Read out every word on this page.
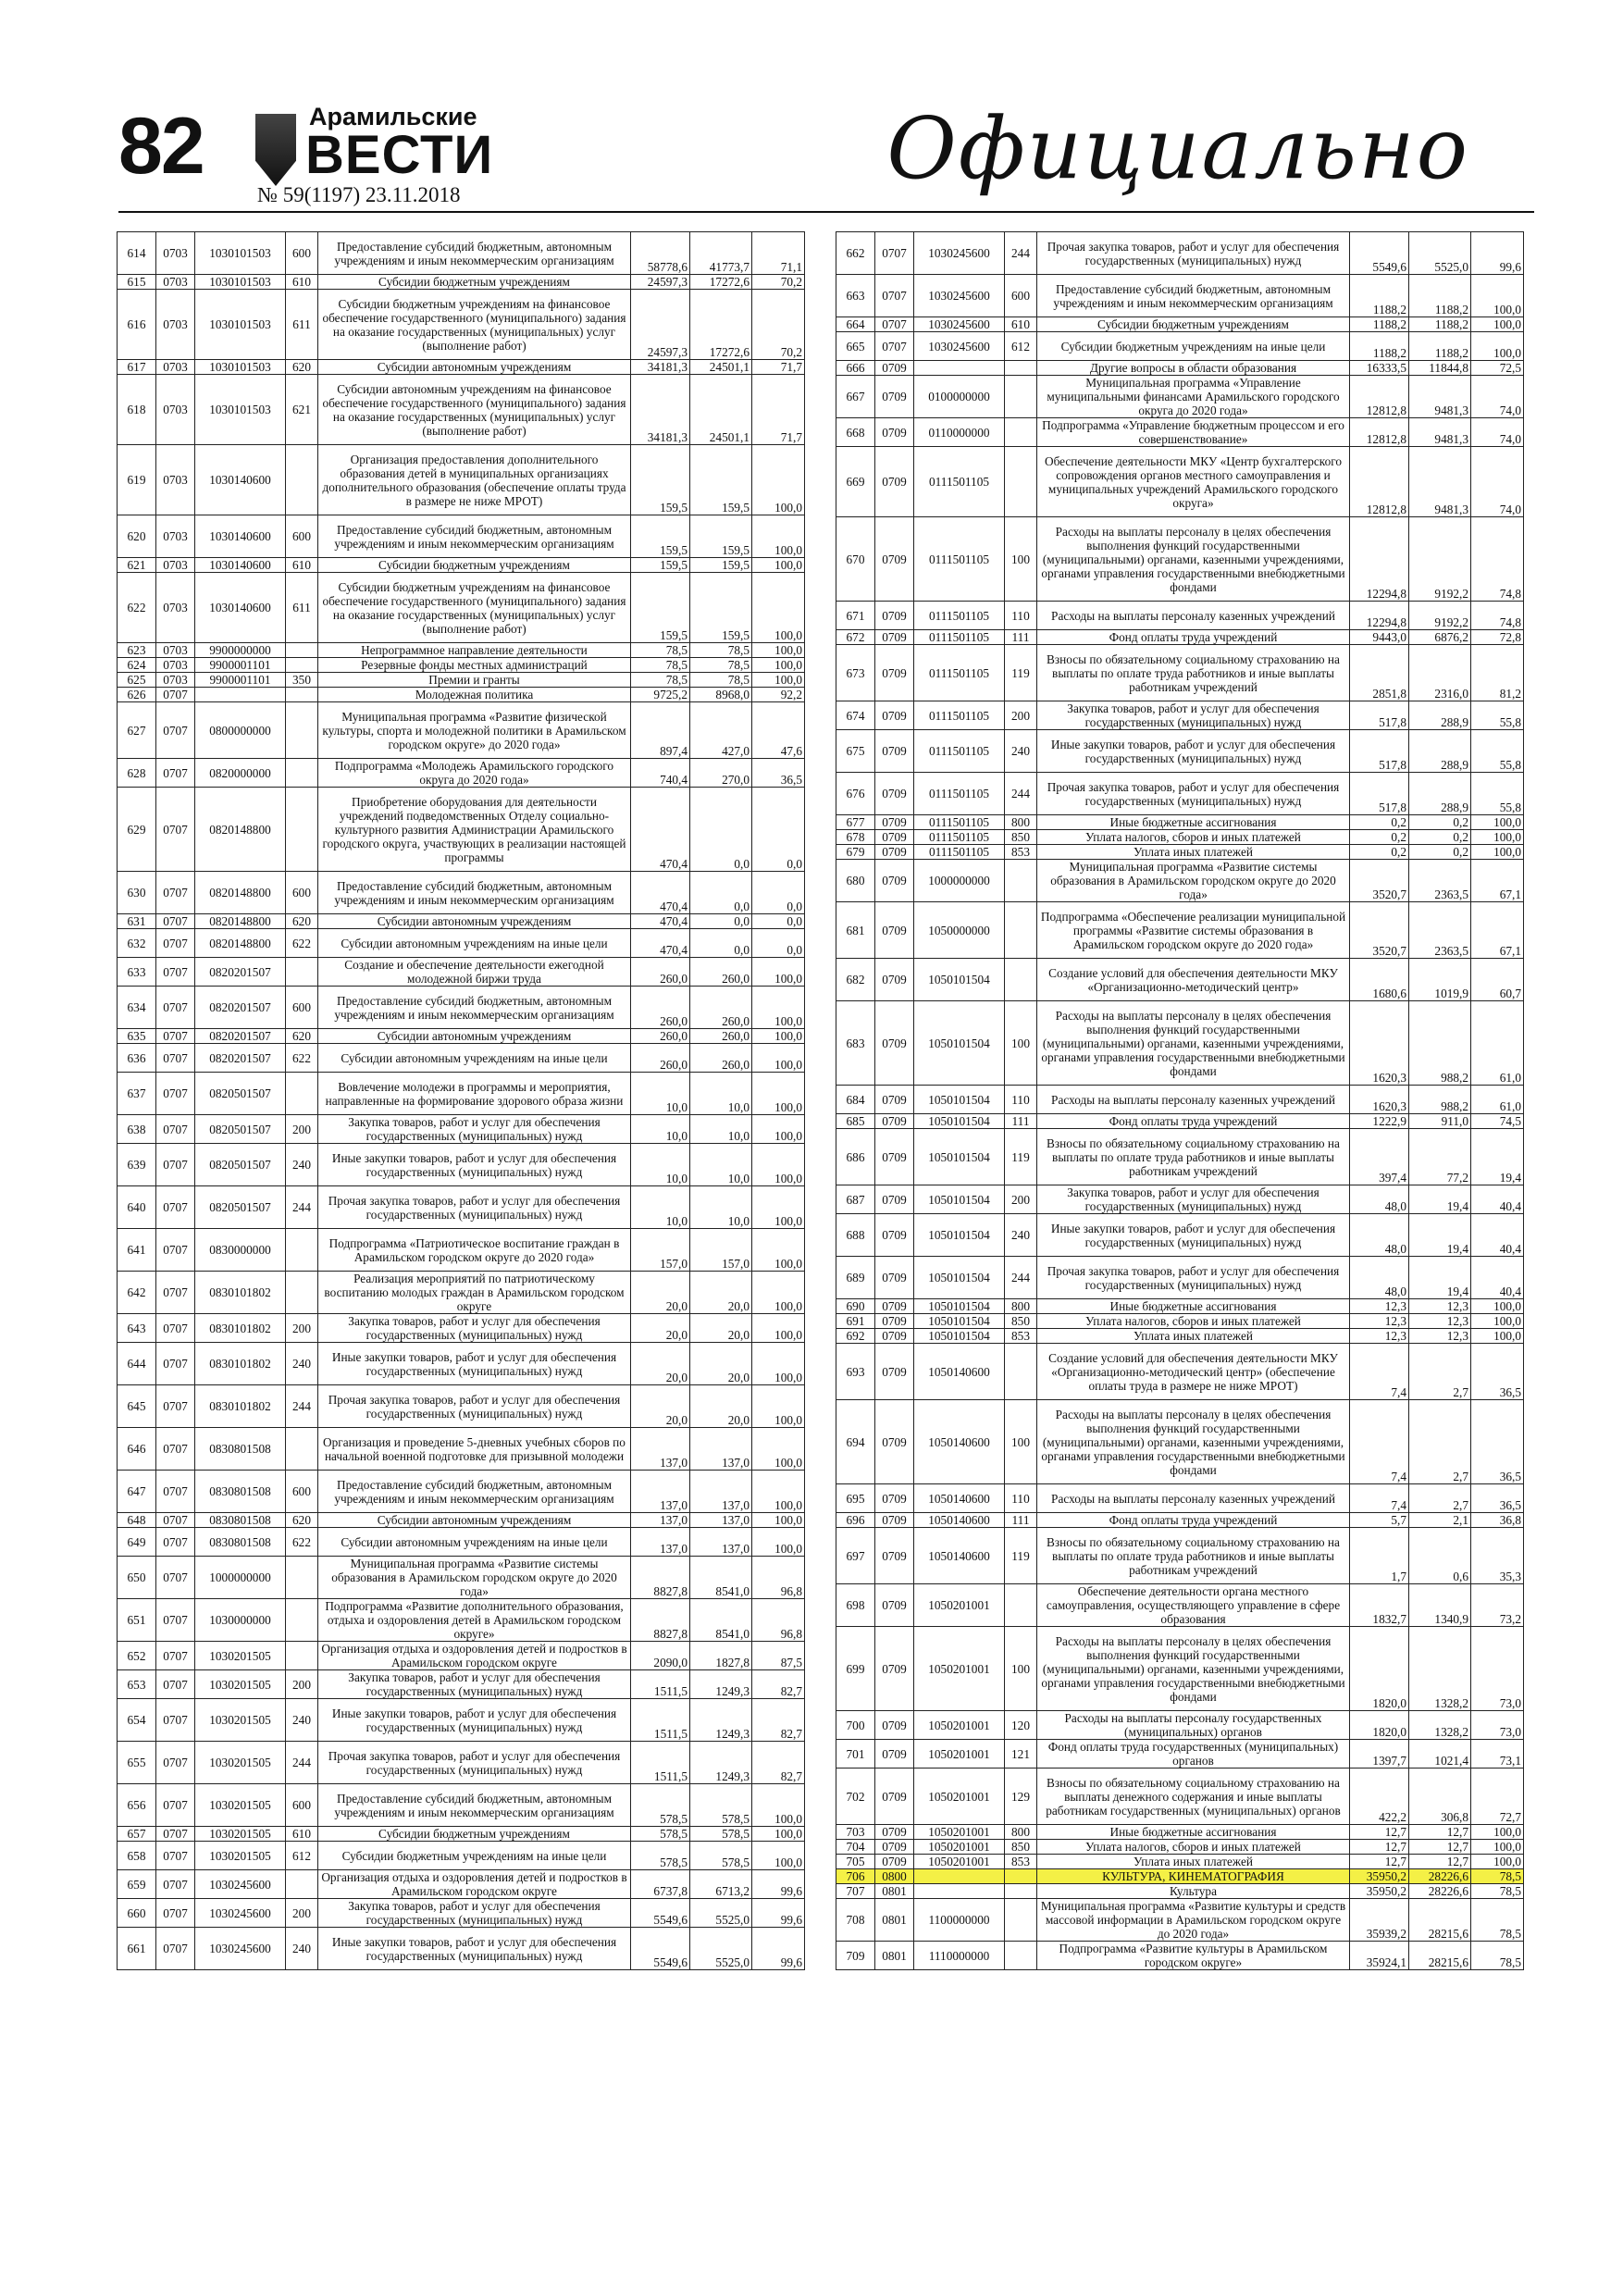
82	Арамильские
ВЕСТИ
№ 59(1197) 23.11.2018	Официально
614	0703	1030101503	600	Предоставление субсидий бюджетным, автономным учреждениям и иным некоммерческим организациям	58778,6	41773,7	71,1
615	0703	1030101503	610	Субсидии бюджетным учреждениям	24597,3	17272,6	70,2
616	0703	1030101503	611	Субсидии бюджетным учреждениям на финансовое обеспечение государственного (муниципального) задания на оказание государственных (муниципальных) услуг (выполнение работ)	24597,3	17272,6	70,2
617	0703	1030101503	620	Субсидии автономным учреждениям	34181,3	24501,1	71,7
618	0703	1030101503	621	Субсидии автономным учреждениям на финансовое обеспечение государственного (муниципального) задания на оказание государственных (муниципальных) услуг (выполнение работ)	34181,3	24501,1	71,7
619	0703	1030140600		Организация предоставления дополнительного образования детей в муниципальных организациях дополнительного образования (обеспечение оплаты труда в размере не ниже МРОТ)	159,5	159,5	100,0
620	0703	1030140600	600	Предоставление субсидий бюджетным, автономным учреждениям и иным некоммерческим организациям	159,5	159,5	100,0
621	0703	1030140600	610	Субсидии бюджетным учреждениям	159,5	159,5	100,0
622	0703	1030140600	611	Субсидии бюджетным учреждениям на финансовое обеспечение государственного (муниципального) задания на оказание государственных (муниципальных) услуг (выполнение работ)	159,5	159,5	100,0
623	0703	9900000000		Непрограммное направление деятельности	78,5	78,5	100,0
624	0703	9900001101		Резервные фонды местных администраций	78,5	78,5	100,0
625	0703	9900001101	350	Премии и гранты	78,5	78,5	100,0
626	0707			Молодежная политика	9725,2	8968,0	92,2
627	0707	0800000000		Муниципальная программа «Развитие физической культуры, спорта и молодежной политики в Арамильском городском округе» до 2020 года»	897,4	427,0	47,6
628	0707	0820000000		Подпрограмма «Молодежь Арамильского городского округа до 2020 года»	740,4	270,0	36,5
629	0707	0820148800		Приобретение оборудования для деятельности учреждений подведомственных Отделу социально-культурного развития Администрации Арамильского городского округа, участвующих в реализации настоящей программы	470,4	0,0	0,0
630	0707	0820148800	600	Предоставление субсидий бюджетным, автономным учреждениям и иным некоммерческим организациям	470,4	0,0	0,0
631	0707	0820148800	620	Субсидии автономным учреждениям	470,4	0,0	0,0
632	0707	0820148800	622	Субсидии автономным учреждениям на иные цели	470,4	0,0	0,0
633	0707	0820201507		Создание и обеспечение деятельности ежегодной молодежной биржи труда	260,0	260,0	100,0
634	0707	0820201507	600	Предоставление субсидий бюджетным, автономным учреждениям и иным некоммерческим организациям	260,0	260,0	100,0
635	0707	0820201507	620	Субсидии автономным учреждениям	260,0	260,0	100,0
636	0707	0820201507	622	Субсидии автономным учреждениям на иные цели	260,0	260,0	100,0
637	0707	0820501507		Вовлечение молодежи в программы и мероприятия, направленные на формирование здорового образа жизни	10,0	10,0	100,0
638	0707	0820501507	200	Закупка товаров, работ и услуг для обеспечения государственных (муниципальных) нужд	10,0	10,0	100,0
639	0707	0820501507	240	Иные закупки товаров, работ и услуг для обеспечения государственных (муниципальных) нужд	10,0	10,0	100,0
640	0707	0820501507	244	Прочая закупка товаров, работ и услуг для обеспечения государственных (муниципальных) нужд	10,0	10,0	100,0
641	0707	0830000000		Подпрограмма «Патриотическое воспитание граждан в Арамильском городском округе до 2020 года»	157,0	157,0	100,0
642	0707	0830101802		Реализация мероприятий по патриотическому воспитанию молодых граждан в Арамильском городском округе	20,0	20,0	100,0
643	0707	0830101802	200	Закупка товаров, работ и услуг для обеспечения государственных (муниципальных) нужд	20,0	20,0	100,0
644	0707	0830101802	240	Иные закупки товаров, работ и услуг для обеспечения государственных (муниципальных) нужд	20,0	20,0	100,0
645	0707	0830101802	244	Прочая закупка товаров, работ и услуг для обеспечения государственных (муниципальных) нужд	20,0	20,0	100,0
646	0707	0830801508		Организация и проведение 5-дневных учебных сборов по начальной военной подготовке для призывной молодежи	137,0	137,0	100,0
647	0707	0830801508	600	Предоставление субсидий бюджетным, автономным учреждениям и иным некоммерческим организациям	137,0	137,0	100,0
648	0707	0830801508	620	Субсидии автономным учреждениям	137,0	137,0	100,0
649	0707	0830801508	622	Субсидии автономным учреждениям на иные цели	137,0	137,0	100,0
650	0707	1000000000		Муниципальная программа «Развитие системы образования в Арамильском городском округе до 2020 года»	8827,8	8541,0	96,8
651	0707	1030000000		Подпрограмма «Развитие дополнительного образования, отдыха и оздоровления детей в Арамильском городском округе»	8827,8	8541,0	96,8
652	0707	1030201505		Организация отдыха и оздоровления детей и подростков в Арамильском городском округе	2090,0	1827,8	87,5
653	0707	1030201505	200	Закупка товаров, работ и услуг для обеспечения государственных (муниципальных) нужд	1511,5	1249,3	82,7
654	0707	1030201505	240	Иные закупки товаров, работ и услуг для обеспечения государственных (муниципальных) нужд	1511,5	1249,3	82,7
655	0707	1030201505	244	Прочая закупка товаров, работ и услуг для обеспечения государственных (муниципальных) нужд	1511,5	1249,3	82,7
656	0707	1030201505	600	Предоставление субсидий бюджетным, автономным учреждениям и иным некоммерческим организациям	578,5	578,5	100,0
657	0707	1030201505	610	Субсидии бюджетным учреждениям	578,5	578,5	100,0
658	0707	1030201505	612	Субсидии бюджетным учреждениям на иные цели	578,5	578,5	100,0
659	0707	1030245600		Организация отдыха и оздоровления детей и подростков в Арамильском городском округе	6737,8	6713,2	99,6
660	0707	1030245600	200	Закупка товаров, работ и услуг для обеспечения государственных (муниципальных) нужд	5549,6	5525,0	99,6
661	0707	1030245600	240	Иные закупки товаров, работ и услуг для обеспечения государственных (муниципальных) нужд	5549,6	5525,0	99,6
662	0707	1030245600	244	Прочая закупка товаров, работ и услуг для обеспечения государственных (муниципальных) нужд	5549,6	5525,0	99,6
663	0707	1030245600	600	Предоставление субсидий бюджетным, автономным учреждениям и иным некоммерческим организациям	1188,2	1188,2	100,0
664	0707	1030245600	610	Субсидии бюджетным учреждениям	1188,2	1188,2	100,0
665	0707	1030245600	612	Субсидии бюджетным учреждениям на иные цели	1188,2	1188,2	100,0
666	0709			Другие вопросы в области образования	16333,5	11844,8	72,5
667	0709	0100000000		Муниципальная программа «Управление муниципальными финансами Арамильского городского округа до 2020 года»	12812,8	9481,3	74,0
668	0709	0110000000		Подпрограмма «Управление бюджетным процессом и его совершенствование»	12812,8	9481,3	74,0
669	0709	0111501105		Обеспечение деятельности МКУ «Центр бухгалтерского сопровождения органов местного самоуправления и муниципальных учреждений Арамильского городского округа»	12812,8	9481,3	74,0
670	0709	0111501105	100	Расходы на выплаты персоналу в целях обеспечения выполнения функций государственными (муниципальными) органами, казенными учреждениями, органами управления государственными внебюджетными фондами	12294,8	9192,2	74,8
671	0709	0111501105	110	Расходы на выплаты персоналу казенных учреждений	12294,8	9192,2	74,8
672	0709	0111501105	111	Фонд оплаты труда учреждений	9443,0	6876,2	72,8
673	0709	0111501105	119	Взносы по обязательному социальному страхованию на выплаты по оплате труда работников и иные выплаты работникам учреждений	2851,8	2316,0	81,2
674	0709	0111501105	200	Закупка товаров, работ и услуг для обеспечения государственных (муниципальных) нужд	517,8	288,9	55,8
675	0709	0111501105	240	Иные закупки товаров, работ и услуг для обеспечения государственных (муниципальных) нужд	517,8	288,9	55,8
676	0709	0111501105	244	Прочая закупка товаров, работ и услуг для обеспечения государственных (муниципальных) нужд	517,8	288,9	55,8
677	0709	0111501105	800	Иные бюджетные ассигнования	0,2	0,2	100,0
678	0709	0111501105	850	Уплата налогов, сборов и иных платежей	0,2	0,2	100,0
679	0709	0111501105	853	Уплата иных платежей	0,2	0,2	100,0
680	0709	1000000000		Муниципальная программа «Развитие системы образования в Арамильском городском округе до 2020 года»	3520,7	2363,5	67,1
681	0709	1050000000		Подпрограмма «Обеспечение реализации муниципальной программы «Развитие системы образования в Арамильском городском округе до 2020 года»	3520,7	2363,5	67,1
682	0709	1050101504		Создание условий для обеспечения деятельности МКУ «Организационно-методический центр»	1680,6	1019,9	60,7
683	0709	1050101504	100	Расходы на выплаты персоналу в целях обеспечения выполнения функций государственными (муниципальными) органами, казенными учреждениями, органами управления государственными внебюджетными фондами	1620,3	988,2	61,0
684	0709	1050101504	110	Расходы на выплаты персоналу казенных учреждений	1620,3	988,2	61,0
685	0709	1050101504	111	Фонд оплаты труда учреждений	1222,9	911,0	74,5
686	0709	1050101504	119	Взносы по обязательному социальному страхованию на выплаты по оплате труда работников и иные выплаты работникам учреждений	397,4	77,2	19,4
687	0709	1050101504	200	Закупка товаров, работ и услуг для обеспечения государственных (муниципальных) нужд	48,0	19,4	40,4
688	0709	1050101504	240	Иные закупки товаров, работ и услуг для обеспечения государственных (муниципальных) нужд	48,0	19,4	40,4
689	0709	1050101504	244	Прочая закупка товаров, работ и услуг для обеспечения государственных (муниципальных) нужд	48,0	19,4	40,4
690	0709	1050101504	800	Иные бюджетные ассигнования	12,3	12,3	100,0
691	0709	1050101504	850	Уплата налогов, сборов и иных платежей	12,3	12,3	100,0
692	0709	1050101504	853	Уплата иных платежей	12,3	12,3	100,0
693	0709	1050140600		Создание условий для обеспечения деятельности МКУ «Организационно-методический центр» (обеспечение оплаты труда в размере не ниже МРОТ)	7,4	2,7	36,5
694	0709	1050140600	100	Расходы на выплаты персоналу в целях обеспечения выполнения функций государственными (муниципальными) органами, казенными учреждениями, органами управления государственными внебюджетными фондами	7,4	2,7	36,5
695	0709	1050140600	110	Расходы на выплаты персоналу казенных учреждений	7,4	2,7	36,5
696	0709	1050140600	111	Фонд оплаты труда учреждений	5,7	2,1	36,8
697	0709	1050140600	119	Взносы по обязательному социальному страхованию на выплаты по оплате труда работников и иные выплаты работникам учреждений	1,7	0,6	35,3
698	0709	1050201001		Обеспечение деятельности органа местного самоуправления, осуществляющего управление в сфере образования	1832,7	1340,9	73,2
699	0709	1050201001	100	Расходы на выплаты персоналу в целях обеспечения выполнения функций государственными (муниципальными) органами, казенными учреждениями, органами управления государственными внебюджетными фондами	1820,0	1328,2	73,0
700	0709	1050201001	120	Расходы на выплаты персоналу государственных (муниципальных) органов	1820,0	1328,2	73,0
701	0709	1050201001	121	Фонд оплаты труда государственных (муниципальных) органов	1397,7	1021,4	73,1
702	0709	1050201001	129	Взносы по обязательному социальному страхованию на выплаты денежного содержания и иные выплаты работникам государственных (муниципальных) органов	422,2	306,8	72,7
703	0709	1050201001	800	Иные бюджетные ассигнования	12,7	12,7	100,0
704	0709	1050201001	850	Уплата налогов, сборов и иных платежей	12,7	12,7	100,0
705	0709	1050201001	853	Уплата иных платежей	12,7	12,7	100,0
706	0800			КУЛЬТУРА, КИНЕМАТОГРАФИЯ	35950,2	28226,6	78,5
707	0801			Культура	35950,2	28226,6	78,5
708	0801	1100000000		Муниципальная программа «Развитие культуры и средств массовой информации в Арамильском городском округе до 2020 года»	35939,2	28215,6	78,5
709	0801	1110000000		Подпрограмма «Развитие культуры в Арамильском городском округе»	35924,1	28215,6	78,5
